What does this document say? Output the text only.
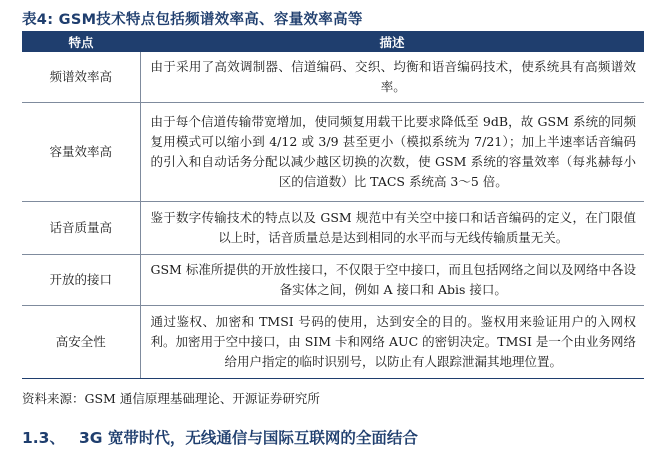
表4: GSM技术特点包括频谱效率高、容量效率高等
特点	描述
频谱效率高	由于采用了高效调制器、信道编码、交织、均衡和语音编码技术，使系统具有高频谱效率。
容量效率高	由于每个信道传输带宽增加，使同频复用载干比要求降低至 9dB，故 GSM 系统的同频复用模式可以缩小到 4/12 或 3/9 甚至更小（模拟系统为 7/21）；加上半速率话音编码的引入和自动话务分配以减少越区切换的次数，使 GSM 系统的容量效率（每兆赫每小区的信道数）比 TACS 系统高 3～5 倍。
话音质量高	鉴于数字传输技术的特点以及 GSM 规范中有关空中接口和话音编码的定义，在门限值以上时，话音质量总是达到相同的水平而与无线传输质量无关。
开放的接口	GSM 标准所提供的开放性接口，不仅限于空中接口，而且包括网络之间以及网络中各设备实体之间，例如 A 接口和 Abis 接口。
高安全性	通过鉴权、加密和 TMSI 号码的使用，达到安全的目的。鉴权用来验证用户的入网权利。加密用于空中接口，由 SIM 卡和网络 AUC 的密钥决定。TMSI 是一个由业务网络给用户指定的临时识别号，以防止有人跟踪泄漏其地理位置。
资料来源：GSM 通信原理基础理论、开源证券研究所
1.3、 3G 宽带时代，无线通信与国际互联网的全面结合
